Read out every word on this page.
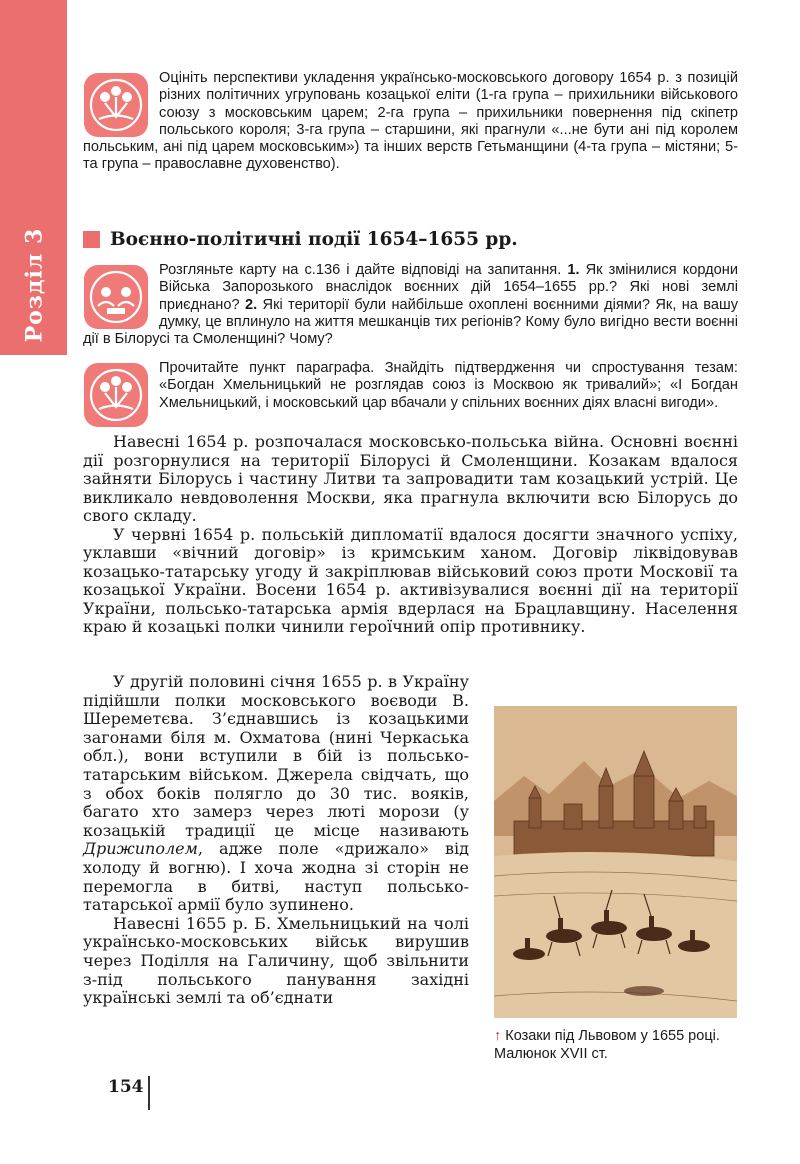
Розділ 3
Оцініть перспективи укладення українсько-московського договору 1654 р. з позицій різних політичних угруповань козацької еліти (1-га група – прихильники військового союзу з московським царем; 2-га група – прихильники повернення під скіпетр польського короля; 3-га група – старшини, які прагнули «...не бути ані під королем польським, ані під царем московським») та інших верств Гетьманщини (4-та група – містяни; 5-та група – православне духовенство).
Воєнно-політичні події 1654–1655 рр.
Розгляньте карту на с.136 і дайте відповіді на запитання. 1. Як змінилися кордони Війська Запорозького внаслідок воєнних дій 1654–1655 рр.? Які нові землі приєднано? 2. Які території були найбільше охоплені воєнними діями? Як, на вашу думку, це вплинуло на життя мешканців тих регіонів? Кому було вигідно вести воєнні дії в Білорусі та Смоленщині? Чому?
Прочитайте пункт параграфа. Знайдіть підтвердження чи спростування тезам: «Богдан Хмельницький не розглядав союз із Москвою як тривалий»; «І Богдан Хмельницький, і московський цар вбачали у спільних воєнних діях власні вигоди».

Навесні 1654 р. розпочалася московсько-польська війна. Основні воєнні дії розгорнулися на території Білорусі й Смоленщини. Козакам вдалося зайняти Білорусь і частину Литви та запровадити там козацький устрій. Це викликало невдоволення Москви, яка прагнула включити всю Білорусь до свого складу.

У червні 1654 р. польській дипломатії вдалося досягти значного успіху, уклавши «вічний договір» із кримським ханом. Договір ліквідовував козацько-татарську угоду й закріплював військовий союз проти Московії та козацької України. Восени 1654 р. активізувалися воєнні дії на території України, польсько-татарська армія вдерлася на Брацлавщину. Населення краю й козацькі полки чинили героїчний опір противнику.

У другій половині січня 1655 р. в Україну підійшли полки московського воєводи В. Шереметєва. З’єднавшись із козацькими загонами біля м. Охматова (нині Черкаська обл.), вони вступили в бій із польсько-татарським військом. Джерела свідчать, що з обох боків полягло до 30 тис. вояків, багато хто замерз через люті морози (у козацькій традиції це місце називають Дрижиполем, адже поле «дрижало» від холоду й вогню). І хоча жодна зі сторін не перемогла в битві, наступ польсько-татарської армії було зупинено.

Навесні 1655 р. Б. Хмельницький на чолі українсько-московських військ вирушив через Поділля на Галичину, щоб звільнити з-під польського панування західні українські землі та об’єднати

↑ Козаки під Львовом у 1655 році. Малюнок XVII ст.
154
